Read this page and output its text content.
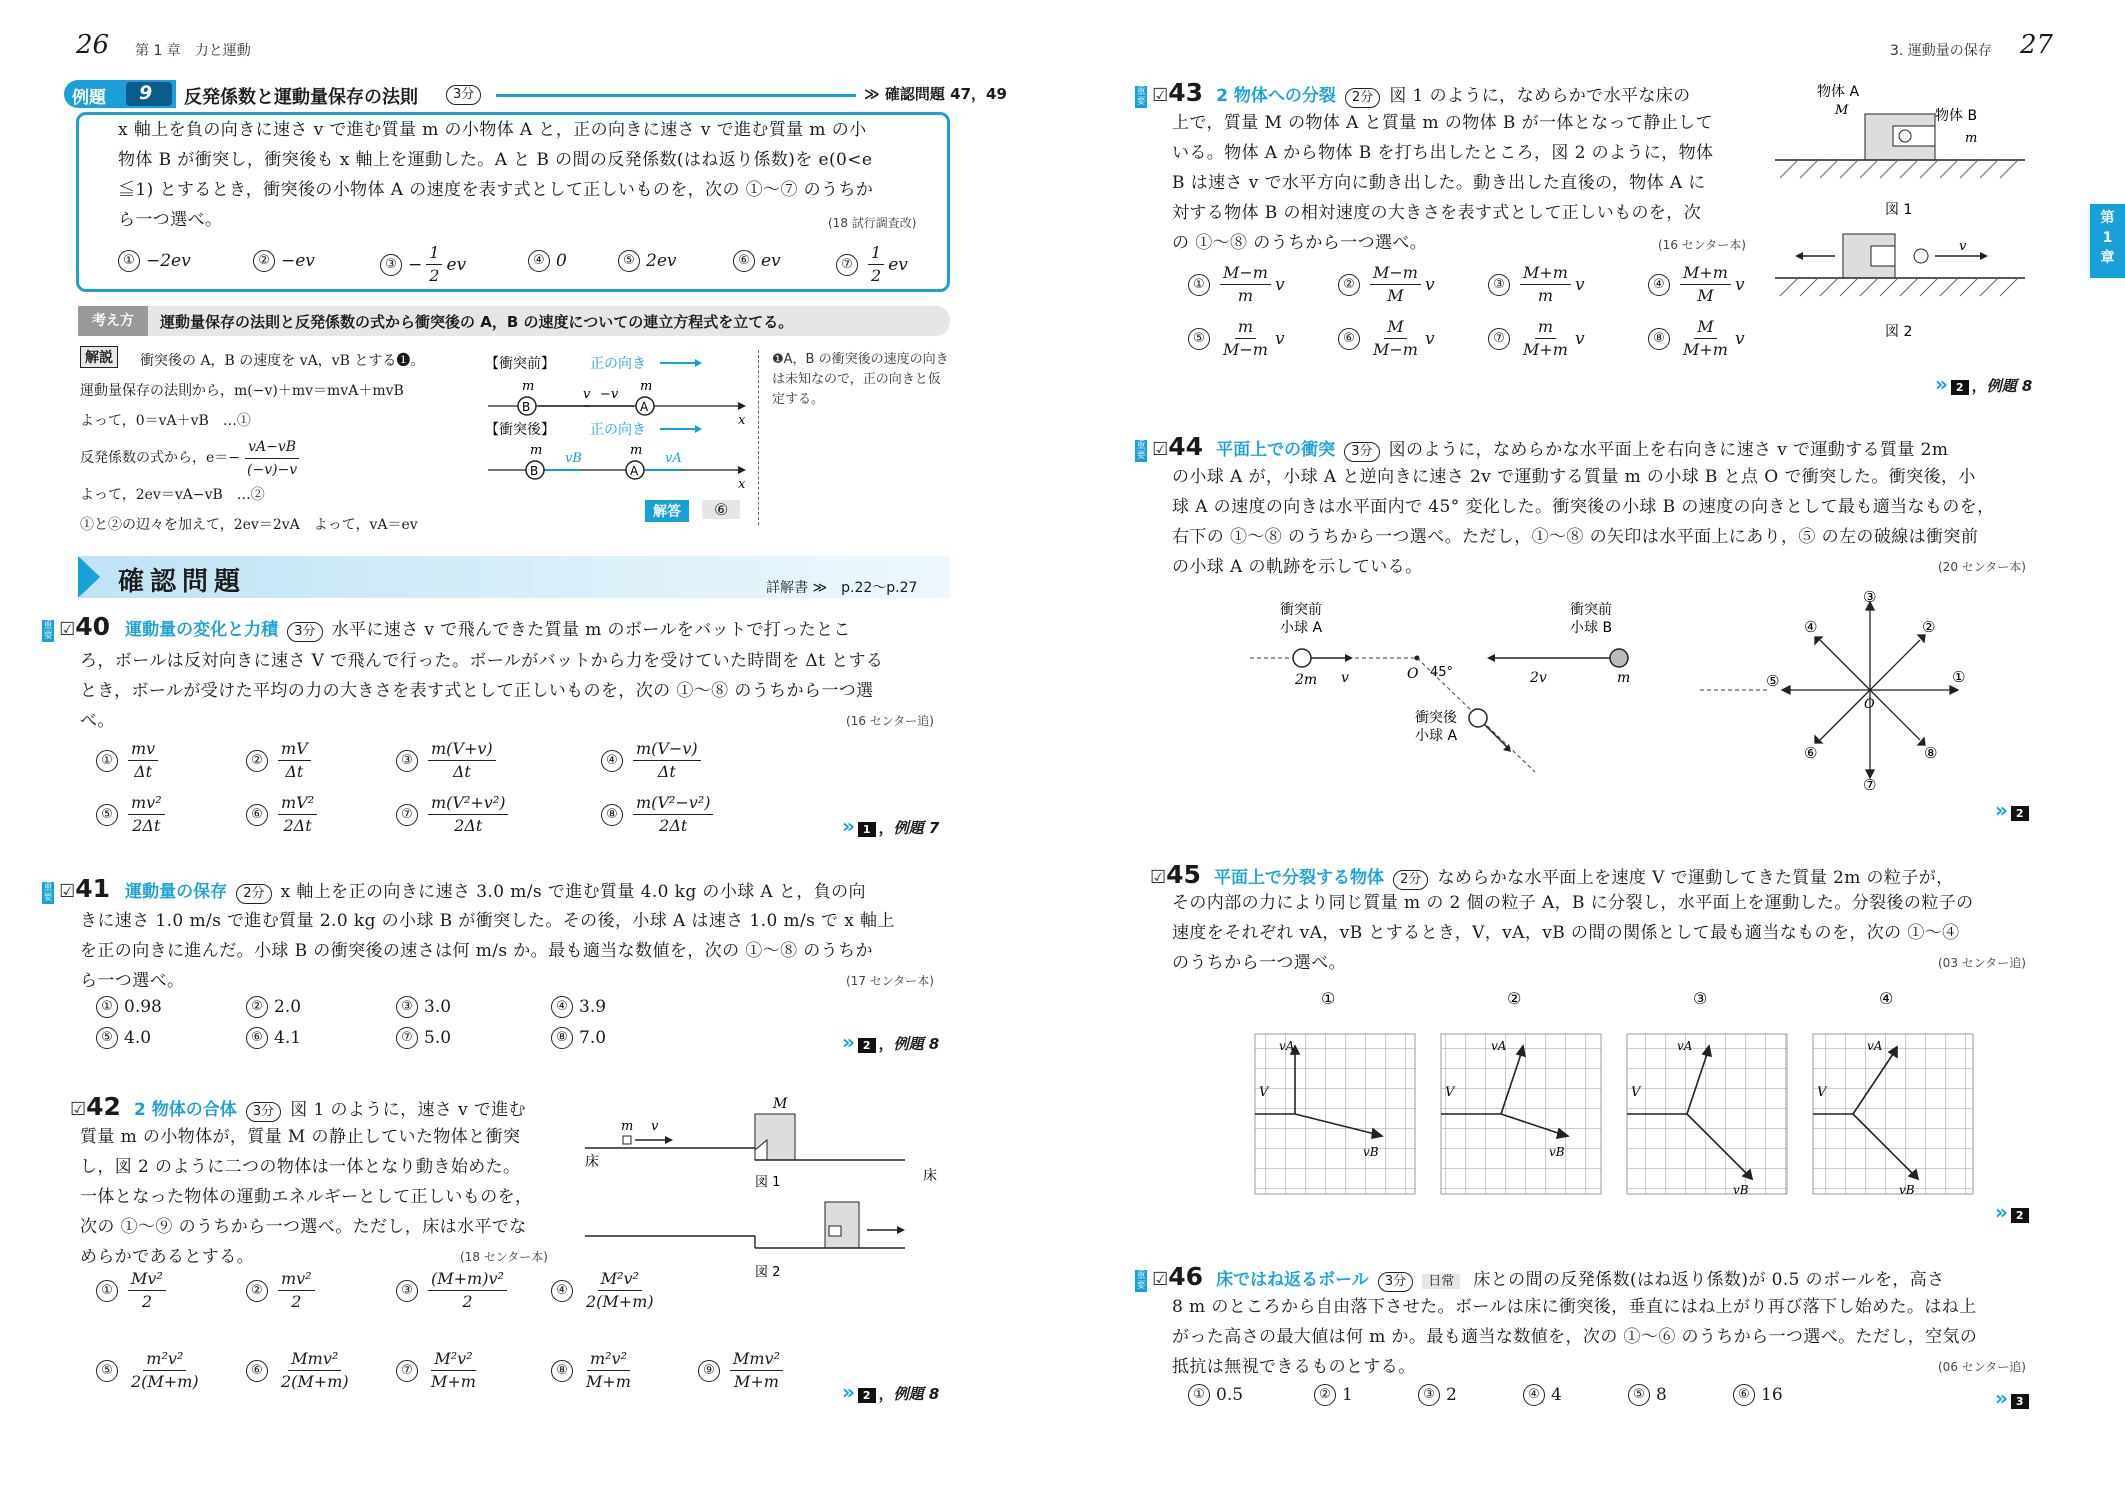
26 第 1 章　力と運動
例題 9 反発係数と運動量保存の法則	3分	≫ 確認問題 47，49
x 軸上を負の向きに速さ v で進む質量 m の小物体 A と，正の向きに速さ v で進む質量 m の小
物体 B が衝突し，衝突後も x 軸上を運動した。A と B の間の反発係数(はね返り係数)を e(0<e
≦1) とするとき，衝突後の小物体 A の速度を表す式として正しいものを，次の ①〜⑦ のうちか
ら一つ選べ。	(18 試行調査改)
① −2ev	② −ev	③ − $\frac{1}{2}$ ev	④ 0	⑤ 2ev	⑥ ev	⑦ $\frac{1}{2}$ ev
考え方	運動量保存の法則と反発係数の式から衝突後の A，B の速度についての連立方程式を立てる。
解説	衝突後の A，B の速度を vA，vB とする❶。
運動量保存の法則から，m(−v)＋mv＝mvA＋mvB
よって，0＝vA＋vB　…①
反発係数の式から，$e=- \frac{vA-vB}{(-v)-v}$
よって，2ev＝vA−vB　…②
①と②の辺々を加えて，2ev＝2vA　よって，vA＝ev
【衝突前】	正の向き
m	m
B	A
v −v
x
【衝突後】	正の向き
m	m
B
vB
A
vA
x
❶A，B の衝突後の速度の向きは未知なので，正の向きと仮定する。
解答	⑥
確認問題	詳解書 ≫　p.22〜p.27
重要 ☑40 運動量の変化と力積 3分 水平に速さ v で飛んできた質量 m のボールをバットで打ったとこ
ろ，ボールは反対向きに速さ V で飛んで行った。ボールがバットから力を受けていた時間を Δt とする
とき，ボールが受けた平均の力の大きさを表す式として正しいものを，次の ①〜⑧ のうちから一つ選
べ。	(16 センター追)
① $\frac{mv}{\Delta t}$	② $\frac{mV}{\Delta t}$	③ $\frac{m(V+v)}{\Delta t}$	④ $\frac{m(V-v)}{\Delta t}$
⑤ $\frac{\text{mv²}}{2\Delta t}$	⑥ $\frac{\text{mV²}}{2\Delta t}$	⑦ $\frac{\text{m(V²+v²)}}{2\Delta t}$	⑧ $\frac{\text{m(V²−v²)}}{2\Delta t}$	» 1 ，例題 7
重要 ☑41 運動量の保存 2分 x 軸上を正の向きに速さ 3.0 m/s で進む質量 4.0 kg の小球 A と，負の向
きに速さ 1.0 m/s で進む質量 2.0 kg の小球 B が衝突した。その後，小球 A は速さ 1.0 m/s で x 軸上
を正の向きに進んだ。小球 B の衝突後の速さは何 m/s か。最も適当な数値を，次の ①〜⑧ のうちか
ら一つ選べ。	(17 センター本)
① 0.98	② 2.0	③ 3.0	④ 3.9
⑤ 4.0	⑥ 4.1	⑦ 5.0	⑧ 7.0	» 2 ，例題 8
☑42 2 物体の合体 3分 図 1 のように，速さ v で進む
質量 m の小物体が，質量 M の静止していた物体と衝突
し，図 2 のように二つの物体は一体となり動き始めた。
一体となった物体の運動エネルギーとして正しいものを，
次の ①〜⑨ のうちから一つ選べ。ただし，床は水平でな
めらかであるとする。	(18 センター本)
M
m v
床
床
図 1
図 2
① $\frac{\text{Mv²}}{2}$	② $\frac{\text{mv²}}{2}$	③ $\frac{\text{(M+m)v²}}{2}$	④ $\frac{\text{M²v²}}{2(M+m)}$
⑤ $\frac{\text{m²v²}}{2(M+m)}$	⑥ $\frac{\text{Mmv²}}{2(M+m)}$	⑦ $\frac{\text{M²v²}}{M+m}$	⑧ $\frac{\text{m²v²}}{M+m}$	⑨ $\frac{\text{Mmv²}}{M+m}$	» 2 ，例題 8
3. 運動量の保存 27
第
1
章
重要 ☑43 2 物体への分裂 2分 図 1 のように，なめらかで水平な床の
上で，質量 M の物体 A と質量 m の物体 B が一体となって静止して
いる。物体 A から物体 B を打ち出したところ，図 2 のように，物体
B は速さ v で水平方向に動き出した。動き出した直後の，物体 A に
対する物体 B の相対速度の大きさを表す式として正しいものを，次
の ①〜⑧ のうちから一つ選べ。	(16 センター本)
物体 A
M	物体 B
m
図 1
v
図 2
① $\frac{M-m}{m}$ v	② $\frac{M-m}{M}$ v	③ $\frac{M+m}{m}$ v	④ $\frac{M+m}{M}$ v
⑤ $\frac{m}{M-m}$ v	⑥ $\frac{M}{M-m}$ v	⑦ $\frac{m}{M+m}$ v	⑧ $\frac{M}{M+m}$ v
» 2 ，例題 8
重要 ☑44 平面上での衝突 3分 図のように，なめらかな水平面上を右向きに速さ v で運動する質量 2m
の小球 A が，小球 A と逆向きに速さ 2v で運動する質量 m の小球 B と点 O で衝突した。衝突後，小
球 A の速度の向きは水平面内で 45° 変化した。衝突後の小球 B の速度の向きとして最も適当なものを，
右下の ①〜⑧ のうちから一つ選べ。ただし，①〜⑧ の矢印は水平面上にあり，⑤ の左の破線は衝突前
の小球 A の軌跡を示している。	(20 センター本)
衝突前
小球 A
衝突前
小球 B
2m v	O 45°
衝突後
小球 A
2v	m
O
①
②
③
④
⑤
⑥
⑦
⑧
» 2
☑45 平面上で分裂する物体 2分 なめらかな水平面上を速度 V で運動してきた質量 2m の粒子が，
その内部の力により同じ質量 m の 2 個の粒子 A，B に分裂し，水平面上を運動した。分裂後の粒子の
速度をそれぞれ vA，vB とするとき，V，vA，vB の間の関係として最も適当なものを，次の ①〜④
のうちから一つ選べ。	(03 センター追)
①
V
vA
vB
②
V
vA
vB
③
V
vA
vB
④
V
vA
vB
» 2
重要 ☑46 床ではね返るボール 3分 日常 床との間の反発係数(はね返り係数)が 0.5 のボールを，高さ
8 m のところから自由落下させた。ボールは床に衝突後，垂直にはね上がり再び落下し始めた。はね上
がった高さの最大値は何 m か。最も適当な数値を，次の ①〜⑥ のうちから一つ選べ。ただし，空気の
抵抗は無視できるものとする。	(06 センター追)
① 0.5	② 1	③ 2	④ 4	⑤ 8	⑥ 16	» 3
